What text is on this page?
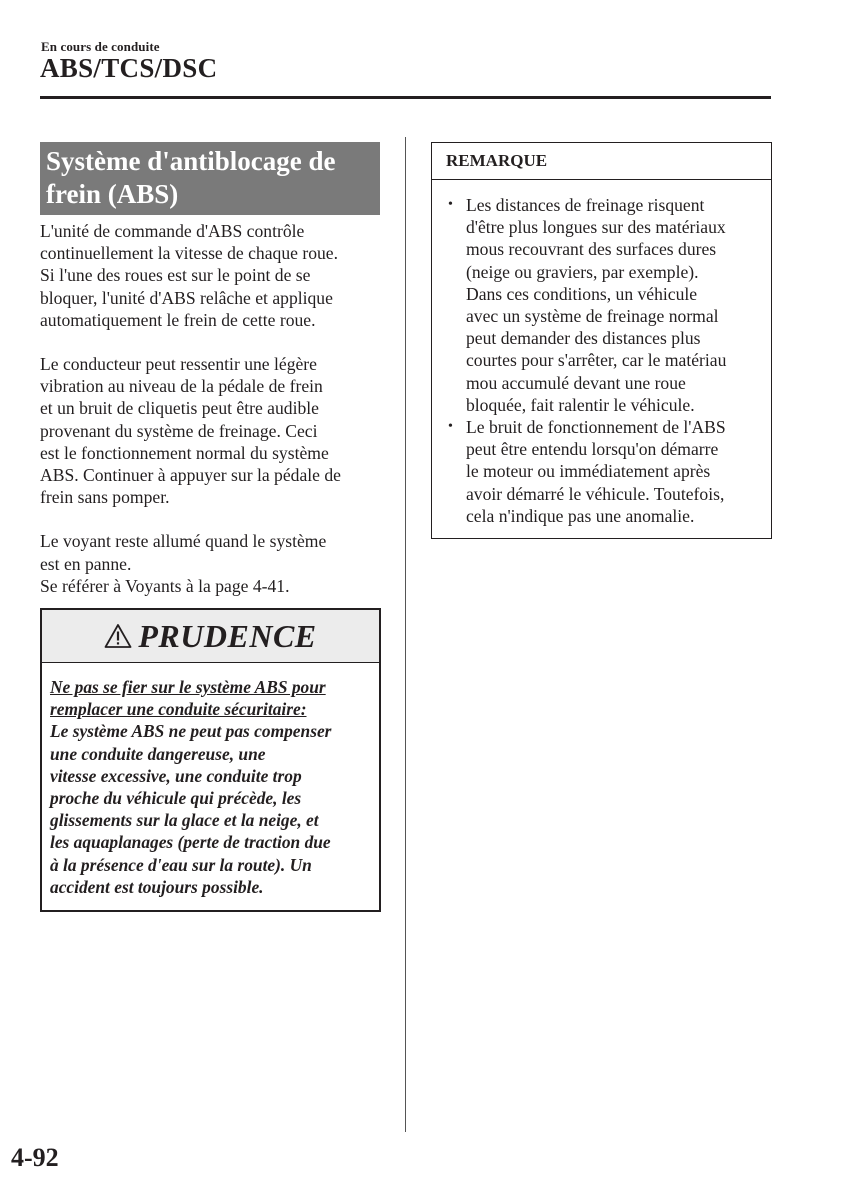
En cours de conduite
ABS/TCS/DSC
Système d'antiblocage de
frein (ABS)

L'unité de commande d'ABS contrôle
continuellement la vitesse de chaque roue.
Si l'une des roues est sur le point de se
bloquer, l'unité d'ABS relâche et applique
automatiquement le frein de cette roue.

Le conducteur peut ressentir une légère
vibration au niveau de la pédale de frein
et un bruit de cliquetis peut être audible
provenant du système de freinage. Ceci
est le fonctionnement normal du système
ABS. Continuer à appuyer sur la pédale de
frein sans pomper.

Le voyant reste allumé quand le système
est en panne.
Se référer à Voyants à la page 4-41.

PRUDENCE
Ne pas se fier sur le système ABS pour
remplacer une conduite sécuritaire:
Le système ABS ne peut pas compenser
une conduite dangereuse, une
vitesse excessive, une conduite trop
proche du véhicule qui précède, les
glissements sur la glace et la neige, et
les aquaplanages (perte de traction due
à la présence d'eau sur la route). Un
accident est toujours possible.
REMARQUE
• Les distances de freinage risquent
d'être plus longues sur des matériaux
mous recouvrant des surfaces dures
(neige ou graviers, par exemple).
Dans ces conditions, un véhicule
avec un système de freinage normal
peut demander des distances plus
courtes pour s'arrêter, car le matériau
mou accumulé devant une roue
bloquée, fait ralentir le véhicule.
• Le bruit de fonctionnement de l'ABS
peut être entendu lorsqu'on démarre
le moteur ou immédiatement après
avoir démarré le véhicule. Toutefois,
cela n'indique pas une anomalie.
4-92
